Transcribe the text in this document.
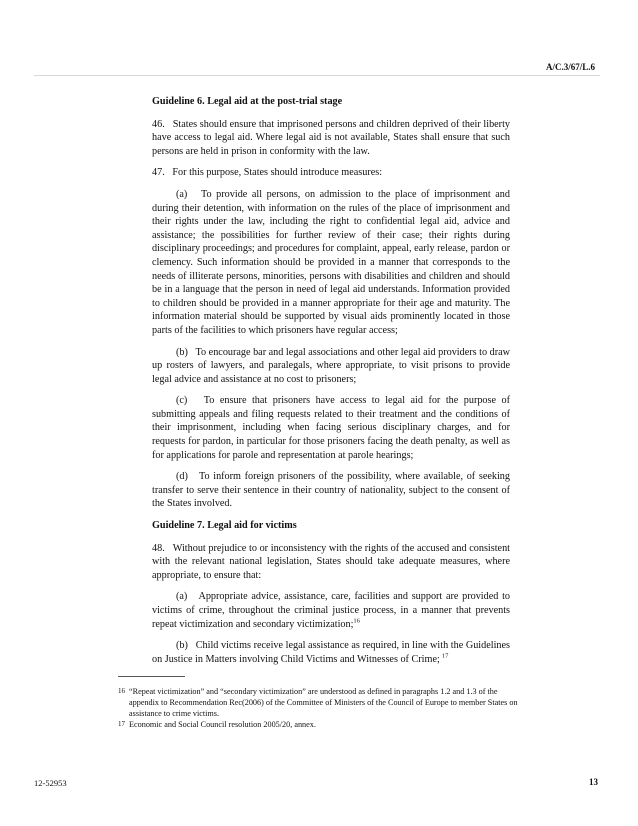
A/C.3/67/L.6
Guideline 6. Legal aid at the post-trial stage

46.   States should ensure that imprisoned persons and children deprived of their liberty have access to legal aid. Where legal aid is not available, States shall ensure that such persons are held in prison in conformity with the law.

47.   For this purpose, States should introduce measures:

(a)   To provide all persons, on admission to the place of imprisonment and during their detention, with information on the rules of the place of imprisonment and their rights under the law, including the right to confidential legal aid, advice and assistance; the possibilities for further review of their case; their rights during disciplinary proceedings; and procedures for complaint, appeal, early release, pardon or clemency. Such information should be provided in a manner that corresponds to the needs of illiterate persons, minorities, persons with disabilities and children and should be in a language that the person in need of legal aid understands. Information provided to children should be provided in a manner appropriate for their age and maturity. The information material should be supported by visual aids prominently located in those parts of the facilities to which prisoners have regular access;

(b)   To encourage bar and legal associations and other legal aid providers to draw up rosters of lawyers, and paralegals, where appropriate, to visit prisons to provide legal advice and assistance at no cost to prisoners;

(c)   To ensure that prisoners have access to legal aid for the purpose of submitting appeals and filing requests related to their treatment and the conditions of their imprisonment, including when facing serious disciplinary charges, and for requests for pardon, in particular for those prisoners facing the death penalty, as well as for applications for parole and representation at parole hearings;

(d)   To inform foreign prisoners of the possibility, where available, of seeking transfer to serve their sentence in their country of nationality, subject to the consent of the States involved.

Guideline 7. Legal aid for victims

48.   Without prejudice to or inconsistency with the rights of the accused and consistent with the relevant national legislation, States should take adequate measures, where appropriate, to ensure that:

(a)   Appropriate advice, assistance, care, facilities and support are provided to victims of crime, throughout the criminal justice process, in a manner that prevents repeat victimization and secondary victimization;$^{16}$

(b)   Child victims receive legal assistance as required, in line with the Guidelines on Justice in Matters involving Child Victims and Witnesses of Crime;  $^{17}$

16 “Repeat victimization” and “secondary victimization” are understood as defined in paragraphs 1.2 and 1.3 of the appendix to Recommendation Rec(2006) of the Committee of Ministers of the Council of Europe to member States on assistance to crime victims.
17 Economic and Social Council resolution 2005/20, annex.
12-52953	13
